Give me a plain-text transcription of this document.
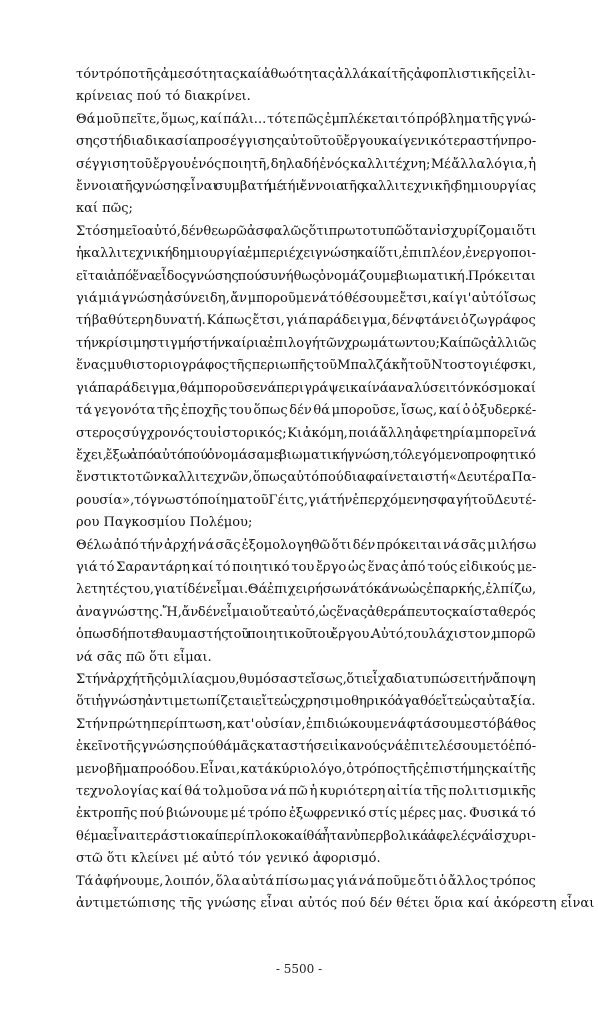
τόν τρόπο τῆς ἀμεσότητας καί ἀθωότητας ἀλλά καί τῆς ἀφοπλιστικῆς εἰλι-
κρίνειας πού τό διακρίνει.
Θά μοῦ πεῖτε, ὅμως, καί πάλι... τότε πῶς ἐμπλέκεται τό πρόβλημα τῆς γνώ-
σης στή διαδικασία προσέγγισης αὐτοῦ τοῦ ἔργου καί γενικότερα στήν προ-
σέγγιση τοῦ ἔργου ἑνός ποιητῆ, δηλαδή ἑνός καλλιτέχνη; Μέ ἄλλα λόγια, ἡ
ἔννοια τῆς γνώσης εἶναι συμβατή μέ τήν ἔννοια τῆς καλλιτεχνικῆς δημιουργίας
καί πῶς;
Στό σημεῖο αὐτό, δέν θεωρῶ ἀσφαλῶς ὅτι πρωτοτυπῶ ὅταν ἰσχυρίζομαι ὅτι
ἡ καλλιτεχνική δημιουργία ἐμπεριέχει γνώση καί ὅτι, ἐπιπλέον, ἐνεργοποι-
εῖται ἀπό ἕνα εἶδος γνώσης πού συνήθως ὀνομάζουμε βιωματική. Πρόκειται
γιά μιά γνώση ἀσύνειδη, ἄν μποροῦμε νά τό θέσουμε ἔτσι, καί γι' αὐτό ἴσως
τή βαθύτερη δυνατή. Κάπως ἔτσι, γιά παράδειγμα, δέν φτάνει ὁ ζωγράφος
τήν κρίσιμη στιγμή στήν καίρια ἐπιλογή τῶν χρωμάτων του; Καί πῶς ἀλλιῶς
ἕνας μυθιστοριογράφος τῆς περιωπῆς τοῦ Μπαλζάκ ἤ τοῦ Ντοστογιέφσκι,
γιά παράδειγμα, θά μποροῦσε νά περιγράψει καί νά αναλύσει τόν κόσμο καί
τά γεγονότα τῆς ἐποχῆς του ὅπως δέν θά μποροῦσε, ἴσως, καί ὁ ὀξυδερκέ-
στερος σύγχρονός του ἱστορικός; Κι ἀκόμη, ποιά ἄλλη ἀφετηρία μπορεῖ νά
ἔχει, ἔξω ἀπό αὐτό πού ὀνομάσαμε βιωματική γνώση, τό λεγόμενο προφητικό
ἔνστικτο τῶν καλλιτεχνῶν, ὅπως αὐτό πού διαφαίνεται στή «Δευτέρα Πα-
ρουσία», τό γνωστό ποίημα τοῦ Γέιτς, γιά τήν ἐπερχόμενη σφαγή τοῦ Δευτέ-
ρου Παγκοσμίου Πολέμου;
Θέλω ἀπό τήν ἀρχή νά σᾶς ἐξομολογηθῶ ὅτι δέν πρόκειται νά σᾶς μιλήσω
γιά τό Σαραντάρη καί τό ποιητικό του ἔργο ὡς ἕνας ἀπό τούς εἰδικούς με-
λετητές του, γιατί δέν εἶμαι. Θά ἐπιχειρήσω νά τό κάνω ὡς ἐπαρκής, ἐλπίζω,
ἀναγνώστης. Ἤ, ἄν δέν εἶμαι οὔτε αὐτό, ὡς ἕνας ἀθεράπευτος καί σταθερός
ὁπωσδήποτε θαυμαστής τοῦ ποιητικοῦ του ἔργου. Αὐτό, τουλάχιστον, μπορῶ
νά σᾶς πῶ ὅτι εἶμαι.
Στήν ἀρχή τῆς ὁμιλίας μου, θυμόσαστε ἴσως, ὅτι εἶχα διατυπώσει τήν ἄποψη
ὅτι ἡ γνώση ἀντιμετωπίζεται εἴτε ὡς χρησιμοθηρικό ἀγαθό εἴτε ὡς αὐταξία.
Στήν πρώτη περίπτωση, κατ' οὐσίαν, ἐπιδιώκουμε νά φτάσουμε στό βάθος
ἐκεῖνο τῆς γνώσης πού θά μᾶς καταστήσει ἱκανούς νά ἐπιτελέσουμε τό ἑπό-
μενο βῆμα προόδου. Εἶναι, κατά κύριο λόγο, ὁ τρόπος τῆς ἐπιστήμης καί τῆς
τεχνολογίας καί θά τολμοῦσα νά πῶ ἡ κυριότερη αἰτία τῆς πολιτισμικῆς
ἐκτροπῆς πού βιώνουμε μέ τρόπο ἐξωφρενικό στίς μέρες μας. Φυσικά τό
θέμα εἶναι τεράστιο καί περίπλοκο καί θά ἦταν ὑπερβολικά ἀφελές νά ἰσχυρι-
στῶ ὅτι κλείνει μέ αὐτό τόν γενικό ἀφορισμό.
Τά ἀφήνουμε, λοιπόν, ὅλα αὐτά πίσω μας γιά νά ποῦμε ὅτι ὁ ἄλλος τρόπος
ἀντιμετώπισης τῆς γνώσης εἶναι αὐτός πού δέν θέτει ὅρια καί ἀκόρεστη εἶναι
- 5500 -
